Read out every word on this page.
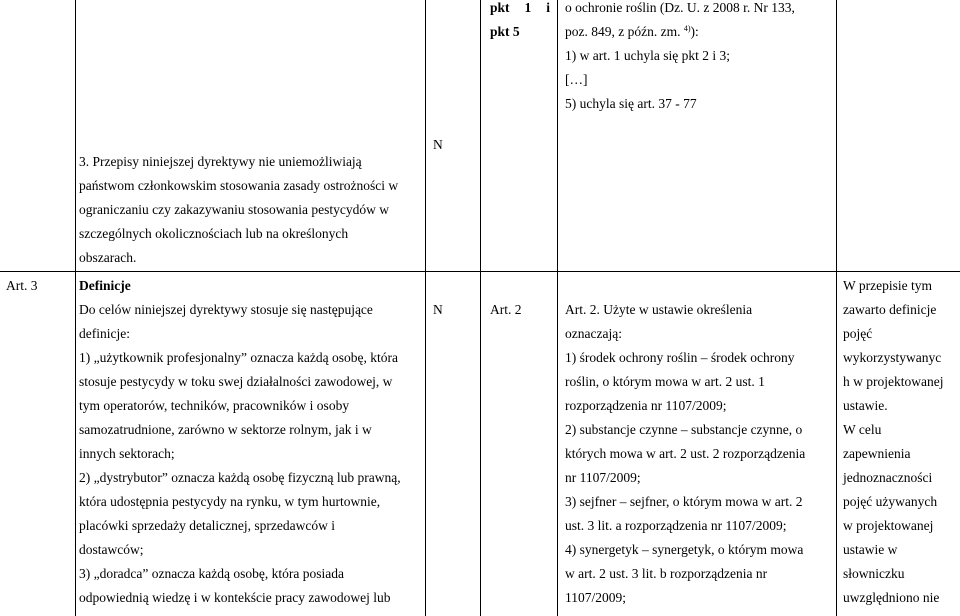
pkt 1 i
pkt 5
o ochronie roślin (Dz. U. z 2008 r. Nr 133,
poz. 849, z późn. zm. $^{4)}$):
1) w art. 1 uchyla się pkt 2 i 3;
[…]
5) uchyla się art. 37 - 77
3. Przepisy niniejszej dyrektywy nie uniemożliwiają
państwom członkowskim stosowania zasady ostrożności w
ograniczaniu czy zakazywaniu stosowania pestycydów w
szczególnych okolicznościach lub na określonych
obszarach.
N
Art. 3	Definicje
N
Do celów niniejszej dyrektywy stosuje się następujące
definicje:
1) „użytkownik profesjonalny” oznacza każdą osobę, która
stosuje pestycydy w toku swej działalności zawodowej, w
tym operatorów, techników, pracowników i osoby
samozatrudnione, zarówno w sektorze rolnym, jak i w
innych sektorach;
2) „dystrybutor” oznacza każdą osobę fizyczną lub prawną,
która udostępnia pestycydy na rynku, w tym hurtownie,
placówki sprzedaży detalicznej, sprzedawców i
dostawców;
3) „doradca” oznacza każdą osobę, która posiada
odpowiednią wiedzę i w kontekście pracy zawodowej lub
Art. 2	Art. 2. Użyte w ustawie określenia
oznaczają:
1) środek ochrony roślin – środek ochrony
roślin, o którym mowa w art. 2 ust. 1
rozporządzenia nr 1107/2009;
2) substancje czynne – substancje czynne, o
których mowa w art. 2 ust. 2 rozporządzenia
nr 1107/2009;
3) sejfner – sejfner, o którym mowa w art. 2
ust. 3 lit. a rozporządzenia nr 1107/2009;
4) synergetyk – synergetyk, o którym mowa
w art. 2 ust. 3 lit. b rozporządzenia nr
1107/2009;
W przepisie tym
zawarto definicje
pojęć
wykorzystywanyc
h w projektowanej
ustawie.
W celu
zapewnienia
jednoznaczności
pojęć używanych
w projektowanej
ustawie w
słowniczku
uwzględniono nie
